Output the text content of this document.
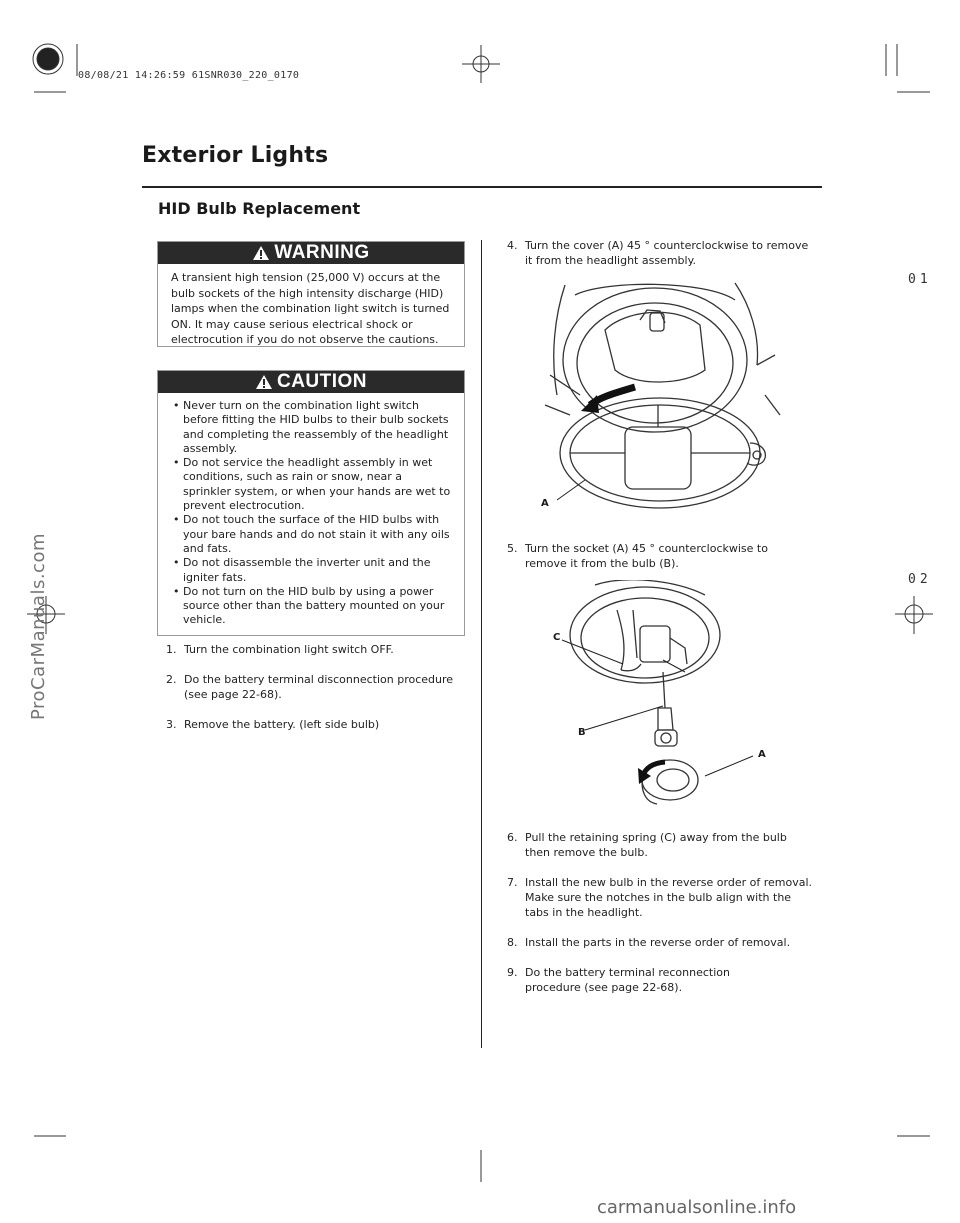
08/08/21 14:26:59 61SNR030_220_0170
01
02
Exterior Lights
HID Bulb Replacement
WARNING

A transient high tension (25,000 V) occurs at the bulb sockets of the high intensity discharge (HID) lamps when the combination light switch is turned ON. It may cause serious electrical shock or electrocution if you do not observe the cautions.

CAUTION
• Never turn on the combination light switch before fitting the HID bulbs to their bulb sockets and completing the reassembly of the headlight assembly.
• Do not service the headlight assembly in wet conditions, such as rain or snow, near a sprinkler system, or when your hands are wet to prevent electrocution.
• Do not touch the surface of the HID bulbs with your bare hands and do not stain it with any oils and fats.
• Do not disassemble the inverter unit and the igniter fats.
• Do not turn on the HID bulb by using a power source other than the battery mounted on your vehicle.
1. Turn the combination light switch OFF.
2. Do the battery terminal disconnection procedure (see page 22-68).
3. Remove the battery. (left side bulb)
4. Turn the cover (A) 45 ° counterclockwise to remove it from the headlight assembly.
A
5. Turn the socket (A) 45 ° counterclockwise to remove it from the bulb (B).
C
B
A
6. Pull the retaining spring (C) away from the bulb then remove the bulb.
7. Install the new bulb in the reverse order of removal. Make sure the notches in the bulb align with the tabs in the headlight.
8. Install the parts in the reverse order of removal.
9. Do the battery terminal reconnection procedure (see page 22-68).
ProCarManuals.com
carmanualsonline.info
